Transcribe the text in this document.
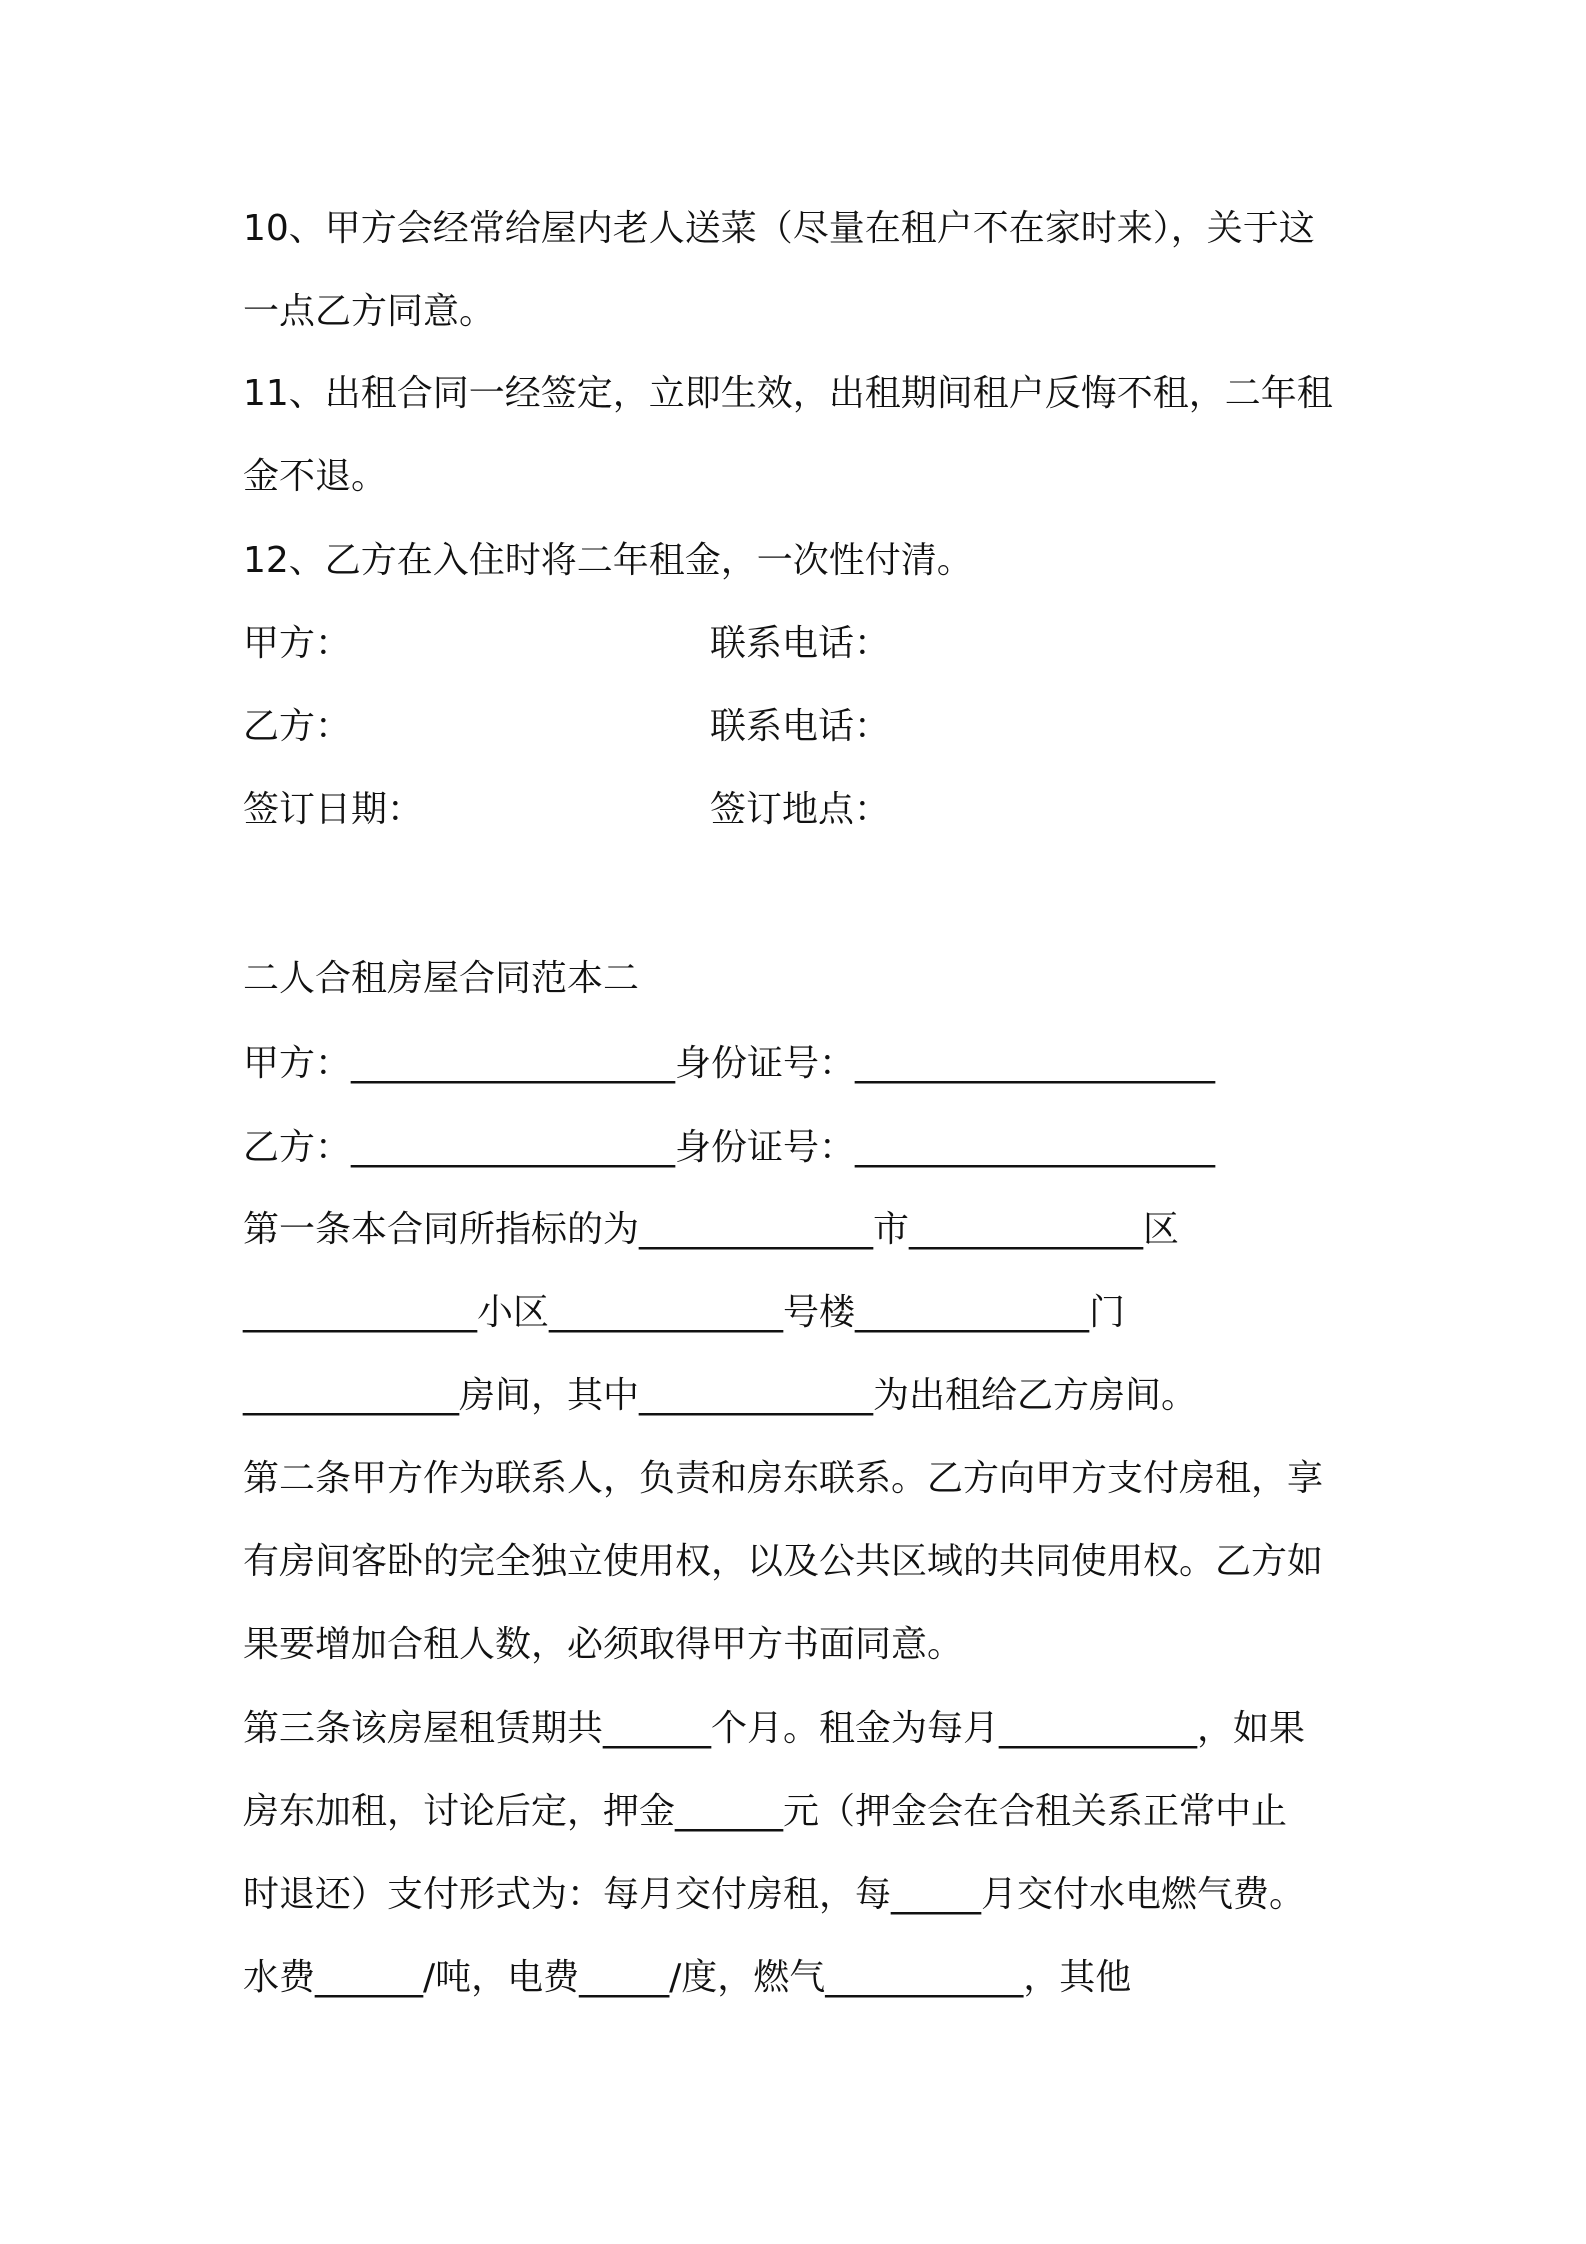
10、甲方会经常给屋内老人送菜（尽量在租户不在家时来），关于这
一点乙方同意。
11、出租合同一经签定，立即生效，出租期间租户反悔不租，二年租
金不退。
12、乙方在入住时将二年租金，一次性付清。
甲方：	联系电话：
乙方：	联系电话：
签订日期：	签订地点：
二人合租房屋合同范本二
甲方：__________________身份证号：____________________
乙方：__________________身份证号：____________________
第一条本合同所指标的为_____________市_____________区
_____________小区_____________号楼_____________门
____________房间，其中_____________为出租给乙方房间。
第二条甲方作为联系人，负责和房东联系。乙方向甲方支付房租，享
有房间客卧的完全独立使用权，以及公共区域的共同使用权。乙方如
果要增加合租人数，必须取得甲方书面同意。
第三条该房屋租赁期共______个月。租金为每月___________，如果
房东加租，讨论后定，押金______元（押金会在合租关系正常中止
时退还）支付形式为：每月交付房租，每_____月交付水电燃气费。
水费______/吨，电费_____/度，燃气___________，其他
